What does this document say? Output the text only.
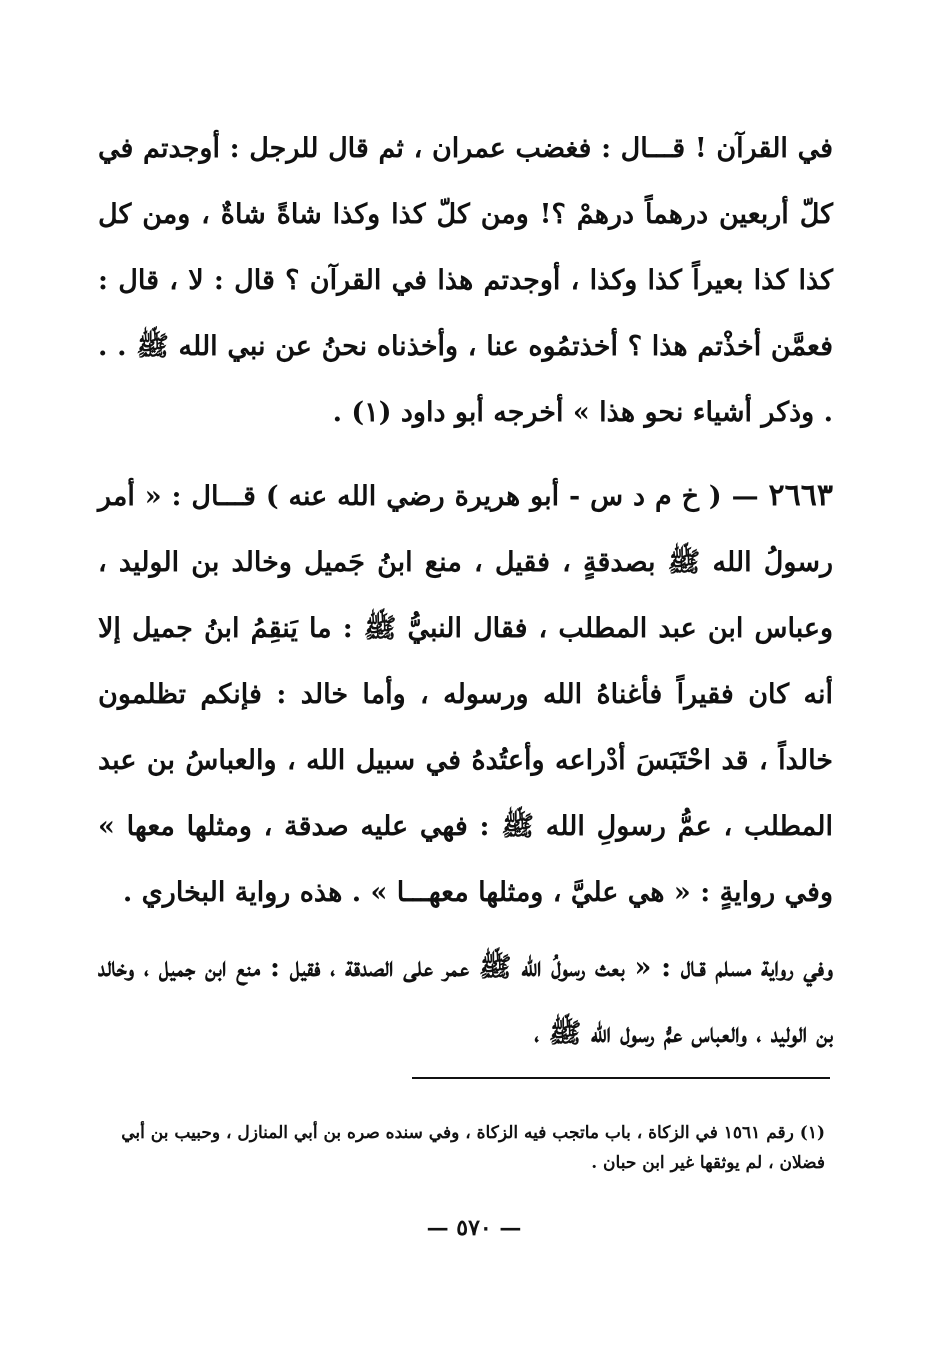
في القرآن ! قـــال : فغضب عمران ، ثم قال للرجل : أوجدتم في كلّ أربعين درهماً درهمْ ؟! ومن كلّ كذا وكذا شاةً شاةٌ ، ومن كل كذا كذا بعيراً كذا وكذا ، أوجدتم هذا في القرآن ؟ قال : لا ، قال : فعمَّن أخذْتم هذا ؟ أخذتمُوه عنا ، وأخذناه نحنُ عن نبي الله ﷺ . . . وذكر أشياء نحو هذا » أخرجه أبو داود (١) .
٢٦٦٣ — ( خ م د س - أبو هريرة رضي الله عنه ) قـــال : « أمر رسولُ الله ﷺ بصدقةٍ ، فقيل ، منع ابنُ جَميل وخالد بن الوليد ، وعباس ابن عبد المطلب ، فقال النبيُّ ﷺ : ما يَنقِمُ ابنُ جميل إلا أنه كان فقيراً فأغناهُ الله ورسوله ، وأما خالد : فإنكم تظلمون خالداً ، قد احْتَبَسَ أدْراعه وأعتُدهُ في سبيل الله ، والعباسُ بن عبد المطلب ، عمُّ رسولِ الله ﷺ : فهي عليه صدقة ، ومثلها معها » وفي روايةٍ : « هي عليَّ ، ومثلها معهـــا » . هذه رواية البخاري .
وفي رواية مسلم قـال : « بعث رسولُ الله ﷺ عمر على الصدقة ، فقيل : منع ابن جميل ، وخالد بن الوليد ، والعباس عمُّ رسول الله ﷺ ،
(١) رقم ١٥٦١ في الزكاة ، باب ماتجب فيه الزكاة ، وفي سنده صره بن أبي المنازل ، وحبيب بن أبي فضلان ، لم يوثقها غير ابن حبان .
— ٥٧٠ —
